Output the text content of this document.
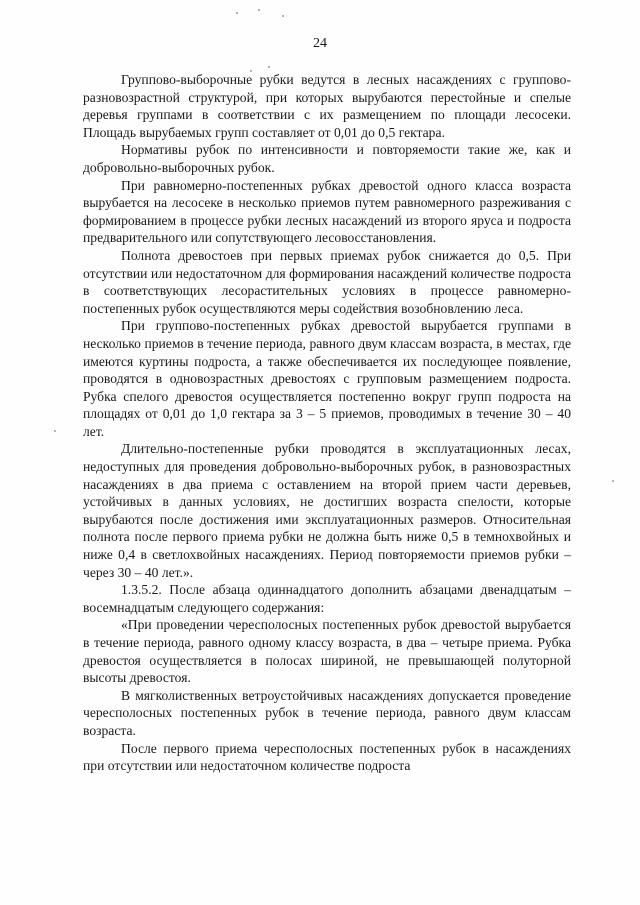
24

Группово-выборочные рубки ведутся в лесных насаждениях с группово-разновозрастной структурой, при которых вырубаются перестойные и спелые деревья группами в соответствии с их размещением по площади лесосеки. Площадь вырубаемых групп составляет от 0,01 до 0,5 гектара.

Нормативы рубок по интенсивности и повторяемости такие же, как и добровольно-выборочных рубок.

При равномерно-постепенных рубках древостой одного класса возраста вырубается на лесосеке в несколько приемов путем равномерного разреживания с формированием в процессе рубки лесных насаждений из второго яруса и подроста предварительного или сопутствующего лесовосстановления.

Полнота древостоев при первых приемах рубок снижается до 0,5. При отсутствии или недостаточном для формирования насаждений количестве подроста в соответствующих лесорастительных условиях в процессе равномерно-постепенных рубок осуществляются меры содействия возобновлению леса.

При группово-постепенных рубках древостой вырубается группами в несколько приемов в течение периода, равного двум классам возраста, в местах, где имеются куртины подроста, а также обеспечивается их последующее появление, проводятся в одновозрастных древостоях с групповым размещением подроста. Рубка спелого древостоя осуществляется постепенно вокруг групп подроста на площадях от 0,01 до 1,0 гектара за 3 – 5 приемов, проводимых в течение 30 – 40 лет.

Длительно-постепенные рубки проводятся в эксплуатационных лесах, недоступных для проведения добровольно-выборочных рубок, в разновозрастных насаждениях в два приема с оставлением на второй прием части деревьев, устойчивых в данных условиях, не достигших возраста спелости, которые вырубаются после достижения ими эксплуатационных размеров. Относительная полнота после первого приема рубки не должна быть ниже 0,5 в темнохвойных и ниже 0,4 в светлохвойных насаждениях. Период повторяемости приемов рубки – через 30 – 40 лет.».

1.3.5.2. После абзаца одиннадцатого дополнить абзацами двенадцатым – восемнадцатым следующего содержания:

«При проведении чересполосных постепенных рубок древостой вырубается в течение периода, равного одному классу возраста, в два – четыре приема. Рубка древостоя осуществляется в полосах шириной, не превышающей полуторной высоты древостоя.

В мягколиственных ветроустойчивых насаждениях допускается проведение чересполосных постепенных рубок в течение периода, равного двум классам возраста.

После первого приема чересполосных постепенных рубок в насаждениях при отсутствии или недостаточном количестве подроста
